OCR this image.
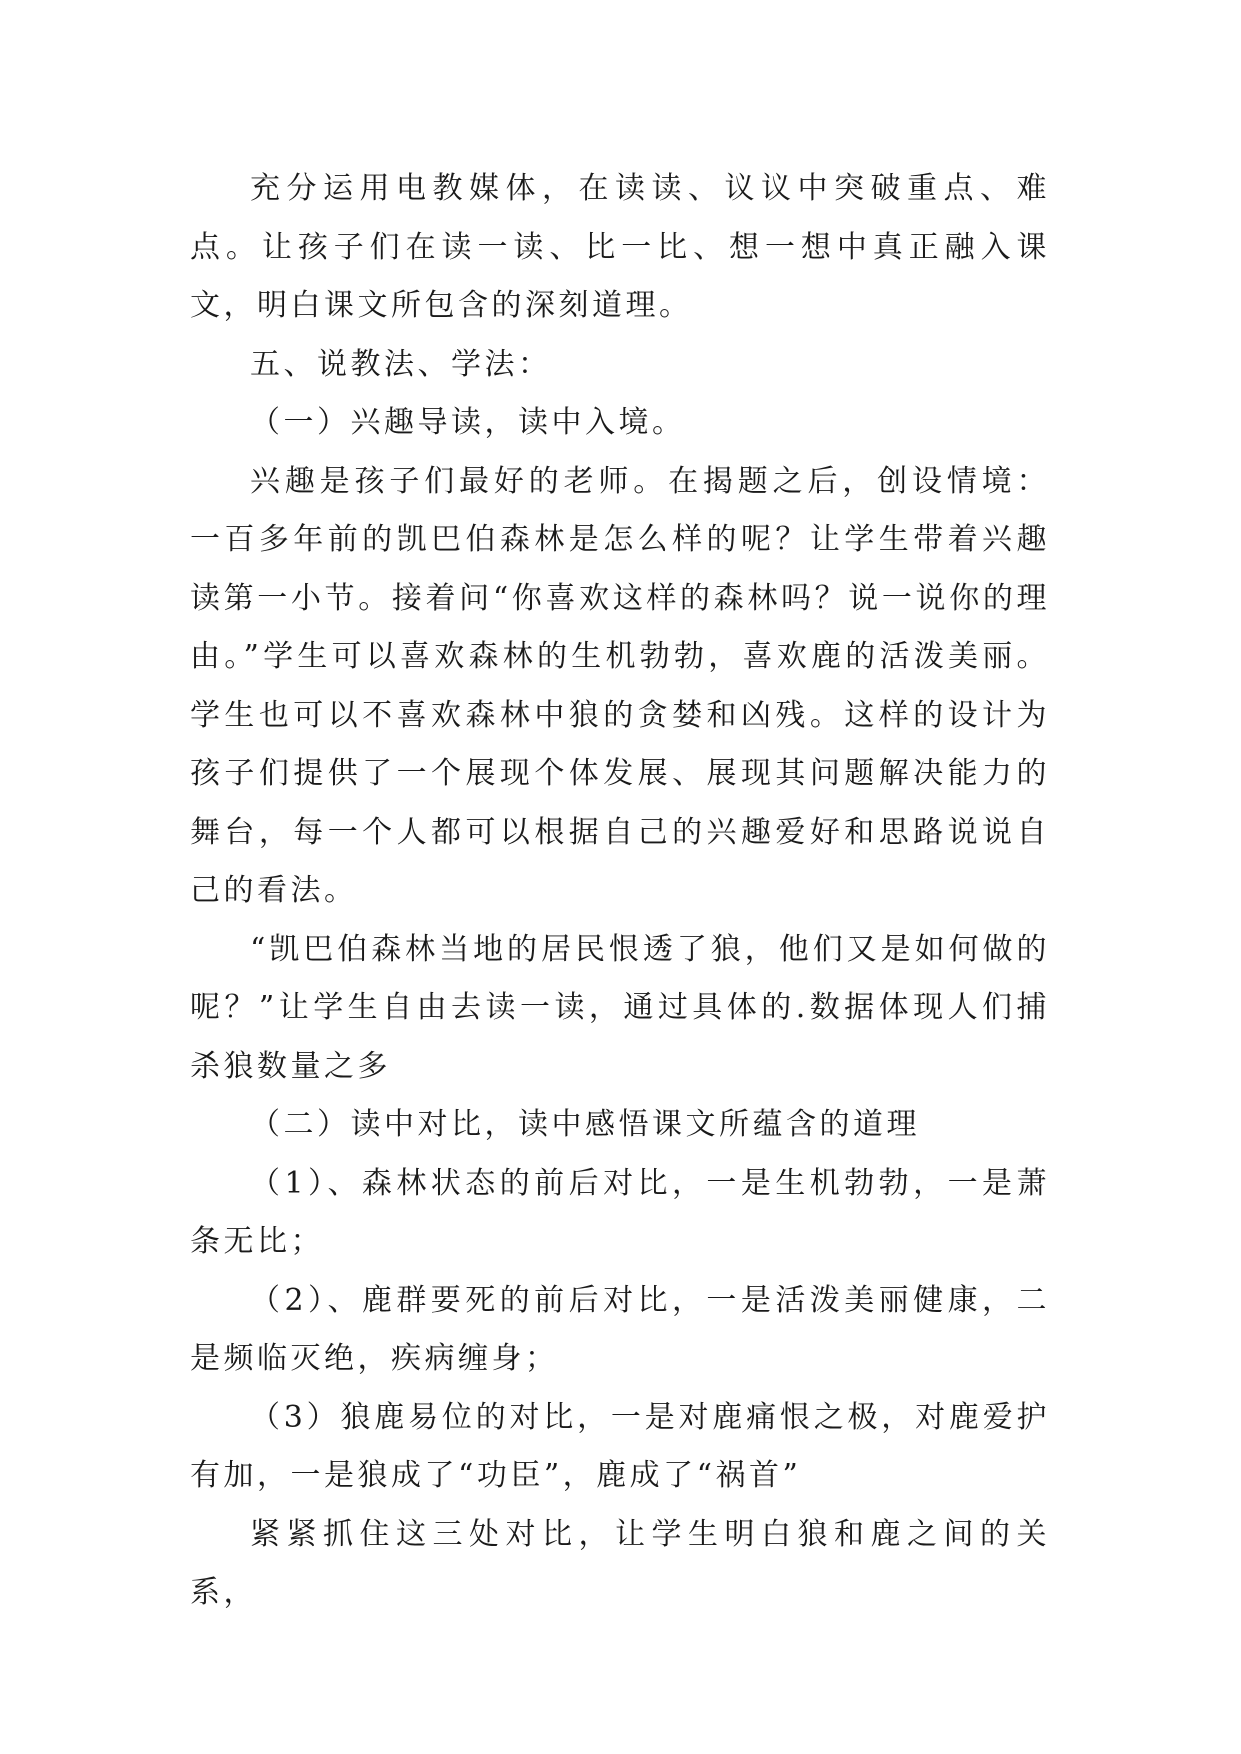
充分运用电教媒体，在读读、议议中突破重点、难点。让孩子们在读一读、比一比、想一想中真正融入课文，明白课文所包含的深刻道理。

五、说教法、学法：

（一）兴趣导读，读中入境。

兴趣是孩子们最好的老师。在揭题之后，创设情境：一百多年前的凯巴伯森林是怎么样的呢？让学生带着兴趣读第一小节。接着问“你喜欢这样的森林吗？说一说你的理由。”学生可以喜欢森林的生机勃勃，喜欢鹿的活泼美丽。学生也可以不喜欢森林中狼的贪婪和凶残。这样的设计为孩子们提供了一个展现个体发展、展现其问题解决能力的舞台，每一个人都可以根据自己的兴趣爱好和思路说说自己的看法。

“凯巴伯森林当地的居民恨透了狼，他们又是如何做的呢？”让学生自由去读一读，通过具体的.数据体现人们捕杀狼数量之多

（二）读中对比，读中感悟课文所蕴含的道理

（1）、森林状态的前后对比，一是生机勃勃，一是萧条无比；

（2）、鹿群要死的前后对比，一是活泼美丽健康，二是频临灭绝，疾病缠身；

（3）狼鹿易位的对比，一是对鹿痛恨之极，对鹿爱护有加，一是狼成了“功臣”，鹿成了“祸首”

紧紧抓住这三处对比，让学生明白狼和鹿之间的关系，
